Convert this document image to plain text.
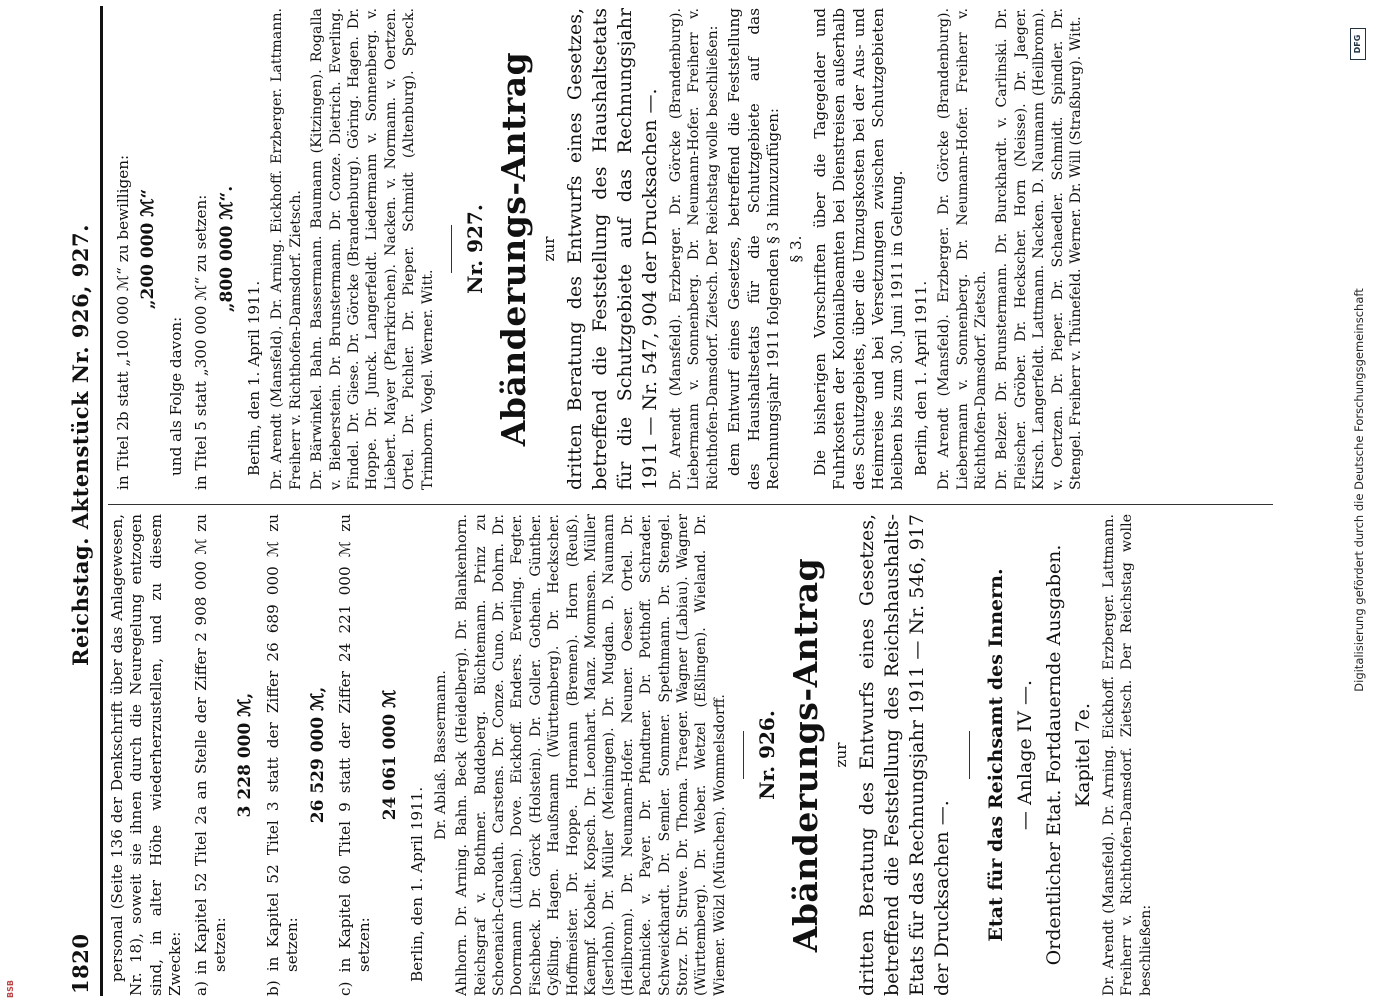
BSB	1820
Reichstag. Aktenstück Nr. 926, 927.

personal (Seite 136 der Denkschrift über das Anlagewesen, Nr. 18), soweit sie ihnen durch die Neuregelung entzogen sind, in alter Höhe wiederherzustellen, und zu diesem Zwecke: a) in Kapitel 52 Titel 2a an Stelle der Ziffer 2 908 000 ℳ zu setzen:

3 228 000 ℳ, b) in Kapitel 52 Titel 3 statt der Ziffer 26 689 000 ℳ zu setzen:

26 529 000 ℳ, c) in Kapitel 60 Titel 9 statt der Ziffer 24 221 000 ℳ zu setzen:

24 061 000 ℳ

Berlin, den 1. April 1911.

Dr. Ablaß. Bassermann. Ahlhorn. Dr. Arning. Bahn. Beck (Heidelberg). Dr. Blankenhorn. Reichsgraf v. Bothmer. Buddeberg. Büchtemann. Prinz zu Schoenaich-Carolath. Carstens. Dr. Conze. Cuno. Dr. Dohrn. Dr. Doormann (Lüben). Dove. Eickhoff. Enders. Everling. Fegter. Fischbeck. Dr. Görck (Holstein). Dr. Goller. Gothein. Günther. Gyßling. Hagen. Haußmann (Württemberg). Dr. Heckscher. Hoffmeister. Dr. Hoppe. Hormann (Bremen). Horn (Reuß). Kaempf. Kobelt. Kopsch. Dr. Leonhart. Manz. Mommsen. Müller (Iserlohn). Dr. Müller (Meiningen). Dr. Mugdan. D. Naumann (Heilbronn). Dr. Neumann-Hofer. Neuner. Oeser. Ortel. Dr. Pachnicke. v. Payer. Dr. Pfundtner. Dr. Potthoff. Schrader. Schweickhardt. Dr. Semler. Sommer. Spethmann. Dr. Stengel. Storz. Dr. Struve. Dr. Thoma. Traeger. Wagner (Labiau). Wagner (Württemberg). Dr. Weber. Wetzel (Eßlingen). Wieland. Dr. Wiemer. Wölzl (München). Wommelsdorff. Nr. 926. Abänderungs-Antrag zur dritten Beratung des Entwurfs eines Gesetzes, betreffend die Feststellung des Reichshaushalts-Etats für das Rechnungsjahr 1911 — Nr. 546, 917 der Drucksachen —. Etat für das Reichsamt des Innern. — Anlage IV —. Ordentlicher Etat. Fortdauernde Ausgaben. Kapitel 7e. Dr. Arendt (Mansfeld). Dr. Arning. Eickhoff. Erzberger. Lattmann. Freiherr v. Richthofen-Damsdorf. Zietsch. Der Reichstag wolle beschließen:

in Titel 2b statt „100 000 ℳ“ zu bewilligen: „200 000 ℳ“

und als Folge davon: in Titel 5 statt „300 000 ℳ“ zu setzen: „800 000 ℳ“.

Berlin, den 1. April 1911. Dr. Arendt (Mansfeld). Dr. Arning. Eickhoff. Erzberger. Lattmann. Freiherr v. Richthofen-Damsdorf. Zietsch. Dr. Bärwinkel. Bahn. Bassermann. Baumann (Kitzingen). Rogalla v. Bieberstein. Dr. Brunstermann. Dr. Conze. Dietrich. Everling. Findel. Dr. Giese. Dr. Görcke (Brandenburg). Göring. Hagen. Dr. Hoppe. Dr. Junck. Langerfeldt. Liedermann v. Sonnenberg. v. Liebert. Mayer (Pfarrkirchen). Nacken. v. Normann. v. Oertzen. Ortel. Dr. Pichler. Dr. Pieper. Schmidt (Altenburg). Speck. Trimborn. Vogel. Werner. Witt.

Nr. 927. Abänderungs-Antrag zur dritten Beratung des Entwurfs eines Gesetzes, betreffend die Feststellung des Haushaltsetats für die Schutzgebiete auf das Rechnungsjahr 1911 — Nr. 547, 904 der Drucksachen —. Dr. Arendt (Mansfeld). Erzberger. Dr. Görcke (Brandenburg). Liebermann v. Sonnenberg. Dr. Neumann-Hofer. Freiherr v. Richthofen-Damsdorf. Zietsch. Der Reichstag wolle beschließen: dem Entwurf eines Gesetzes, betreffend die Feststellung des Haushaltsetats für die Schutzgebiete auf das Rechnungsjahr 1911 folgenden § 3 hinzuzufügen: § 3. Die bisherigen Vorschriften über die Tagegelder und Fuhrkosten der Kolonialbeamten bei Dienstreisen außerhalb des Schutzgebiets, über die Umzugskosten bei der Aus- und Heimreise und bei Versetzungen zwischen Schutzgebieten bleiben bis zum 30. Juni 1911 in Geltung. Berlin, den 1. April 1911. Dr. Arendt (Mansfeld). Erzberger. Dr. Görcke (Brandenburg). Liebermann v. Sonnenberg. Dr. Neumann-Hofer. Freiherr v. Richthofen-Damsdorf. Zietsch. Dr. Belzer. Dr. Brunstermann. Dr. Burckhardt. v. Carlinski. Dr. Fleischer. Gröber. Dr. Heckscher. Horn (Neisse). Dr. Jaeger. Kirsch. Langerfeldt. Lattmann. Nacken. D. Naumann (Heilbronn). v. Oertzen. Dr. Pieper. Dr. Schaedler. Schmidt. Spindler. Dr. Stengel. Freiherr v. Thünefeld. Werner. Dr. Will (Straßburg). Witt.	Digitalisierung gefördert durch die Deutsche Forschungsgemeinschaft
DFG
